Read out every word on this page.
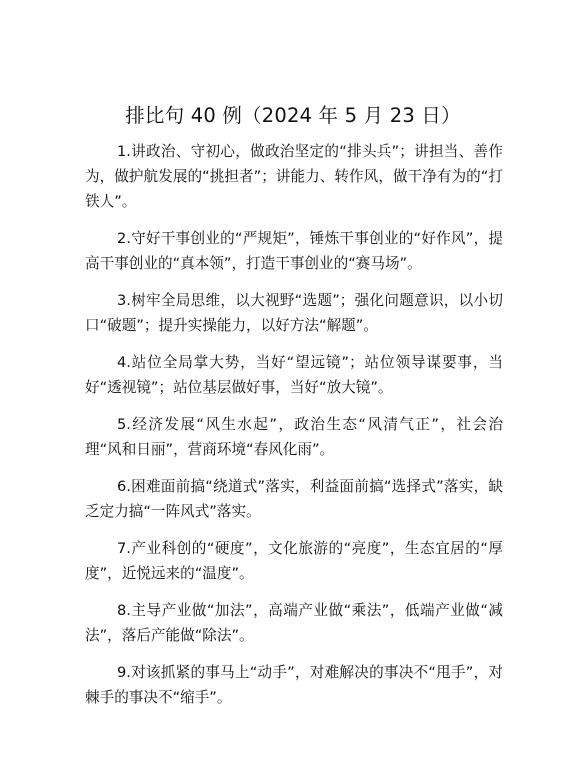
排比句 40 例（2024 年 5 月 23 日）

1.讲政治、守初心，做政治坚定的“排头兵”；讲担当、善作为，做护航发展的“挑担者”；讲能力、转作风，做干净有为的“打铁人”。

2.守好干事创业的“严规矩”，锤炼干事创业的“好作风”，提高干事创业的“真本领”，打造干事创业的“赛马场”。

3.树牢全局思维，以大视野“选题”；强化问题意识，以小切口“破题”；提升实操能力，以好方法“解题”。

4.站位全局掌大势，当好“望远镜”；站位领导谋要事，当好“透视镜”；站位基层做好事，当好“放大镜”。

5.经济发展“风生水起”，政治生态“风清气正”，社会治理“风和日丽”，营商环境“春风化雨”。

6.困难面前搞“绕道式”落实，利益面前搞“选择式”落实，缺乏定力搞“一阵风式”落实。

7.产业科创的“硬度”，文化旅游的“亮度”，生态宜居的“厚度”，近悦远来的“温度”。

8.主导产业做“加法”，高端产业做“乘法”，低端产业做“减法”，落后产能做“除法”。

9.对该抓紧的事马上“动手”，对难解决的事决不“甩手”，对棘手的事决不“缩手”。
